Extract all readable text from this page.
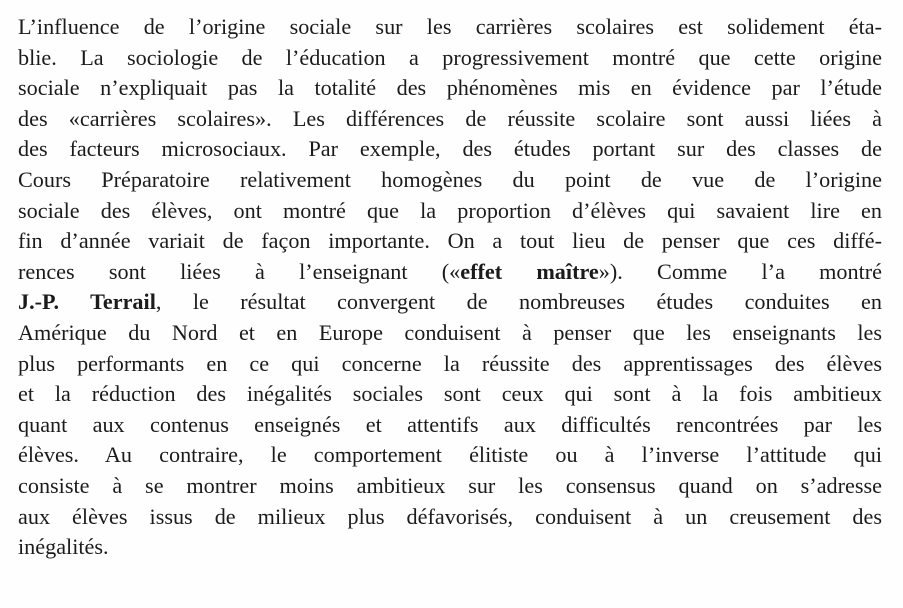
L’influence de l’origine sociale sur les carrières scolaires est solidement éta-
blie. La sociologie de l’éducation a progressivement montré que cette origine
sociale n’expliquait pas la totalité des phénomènes mis en évidence par l’étude
des «carrières scolaires». Les différences de réussite scolaire sont aussi liées à
des facteurs microsociaux. Par exemple, des études portant sur des classes de
Cours Préparatoire relativement homogènes du point de vue de l’origine
sociale des élèves, ont montré que la proportion d’élèves qui savaient lire en
fin d’année variait de façon importante. On a tout lieu de penser que ces diffé-
rences sont liées à l’enseignant («effet maître»). Comme l’a montré
J.-P. Terrail, le résultat convergent de nombreuses études conduites en
Amérique du Nord et en Europe conduisent à penser que les enseignants les
plus performants en ce qui concerne la réussite des apprentissages des élèves
et la réduction des inégalités sociales sont ceux qui sont à la fois ambitieux
quant aux contenus enseignés et attentifs aux difficultés rencontrées par les
élèves. Au contraire, le comportement élitiste ou à l’inverse l’attitude qui
consiste à se montrer moins ambitieux sur les consensus quand on s’adresse
aux élèves issus de milieux plus défavorisés, conduisent à un creusement des
inégalités.
